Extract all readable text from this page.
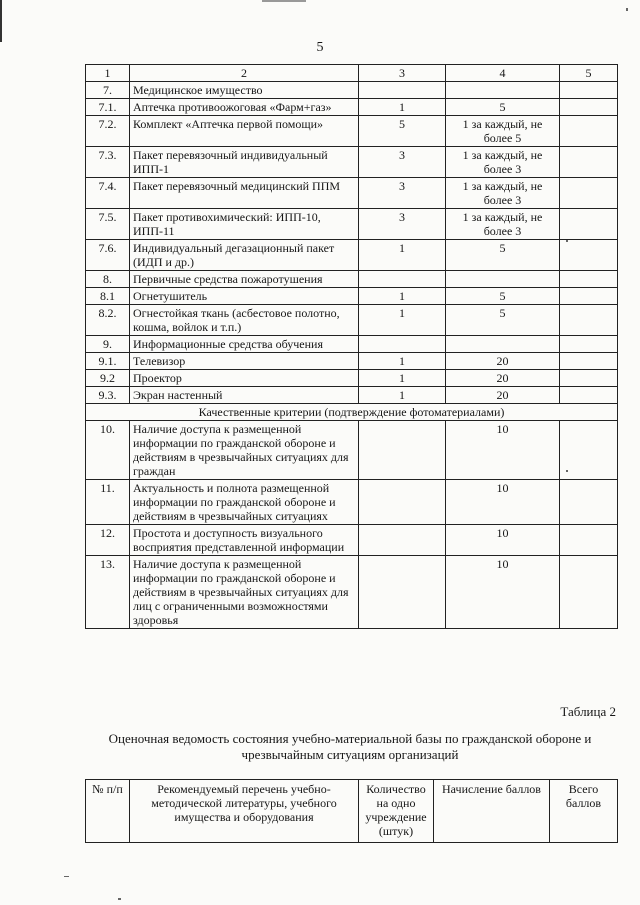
5
1	2	3	4	5
7.	Медицинское имущество			
7.1.	Аптечка противоожоговая «Фарм+газ»	1	5	
7.2.	Комплект «Аптечка первой помощи»	5	1 за каждый, не более 5	
7.3.	Пакет перевязочный индивидуальный ИПП-1	3	1 за каждый, не более 3	
7.4.	Пакет перевязочный медицинский ППМ	3	1 за каждый, не более 3	
7.5.	Пакет противохимический: ИПП-10, ИПП-11	3	1 за каждый, не более 3	
7.6.	Индивидуальный дегазационный пакет (ИДП и др.)	1	5	
8.	Первичные средства пожаротушения			
8.1	Огнетушитель	1	5	
8.2.	Огнестойкая ткань (асбестовое полотно, кошма, войлок и т.п.)	1	5	
9.	Информационные средства обучения			
9.1.	Телевизор	1	20	
9.2	Проектор	1	20	
9.3.	Экран настенный	1	20	
Качественные критерии (подтверждение фотоматериалами)				
10.	Наличие доступа к размещенной информации по гражданской обороне и действиям в чрезвычайных ситуациях для граждан		10	
11.	Актуальность и полнота размещенной информации по гражданской обороне и действиям в чрезвычайных ситуациях		10	
12.	Простота и доступность визуального восприятия представленной информации		10	
13.	Наличие доступа к размещенной информации по гражданской обороне и действиям в чрезвычайных ситуациях для лиц с ограниченными возможностями здоровья		10	
Таблица 2
Оценочная ведомость состояния учебно-материальной базы по гражданской обороне и чрезвычайным ситуациям организаций
№ п/п	Рекомендуемый перечень учебно-методической литературы, учебного имущества и оборудования	Количество на одно учреждение (штук)	Начисление баллов	Всего баллов
